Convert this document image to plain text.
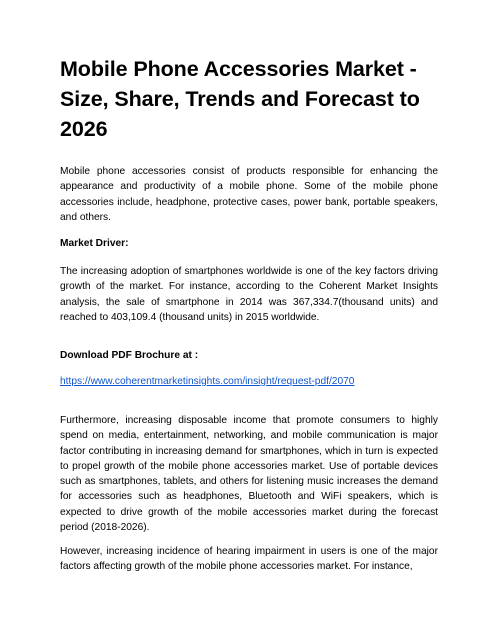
Mobile Phone Accessories Market - Size, Share, Trends and Forecast to 2026

Mobile phone accessories consist of products responsible for enhancing the appearance and productivity of a mobile phone. Some of the mobile phone accessories include, headphone, protective cases, power bank, portable speakers, and others.

Market Driver:

The increasing adoption of smartphones worldwide is one of the key factors driving growth of the market. For instance, according to the Coherent Market Insights analysis, the sale of smartphone in 2014 was 367,334.7(thousand units) and reached to 403,109.4 (thousand units) in 2015 worldwide.

Download PDF Brochure at :

https://www.coherentmarketinsights.com/insight/request-pdf/2070

Furthermore, increasing disposable income that promote consumers to highly spend on media, entertainment, networking, and mobile communication is major factor contributing in increasing demand for smartphones, which in turn is expected to propel growth of the mobile phone accessories market. Use of portable devices such as smartphones, tablets, and others for listening music increases the demand for accessories such as headphones, Bluetooth and WiFi speakers, which is expected to drive growth of the mobile accessories market during the forecast period (2018-2026).

However, increasing incidence of hearing impairment in users is one of the major factors affecting growth of the mobile phone accessories market. For instance,
